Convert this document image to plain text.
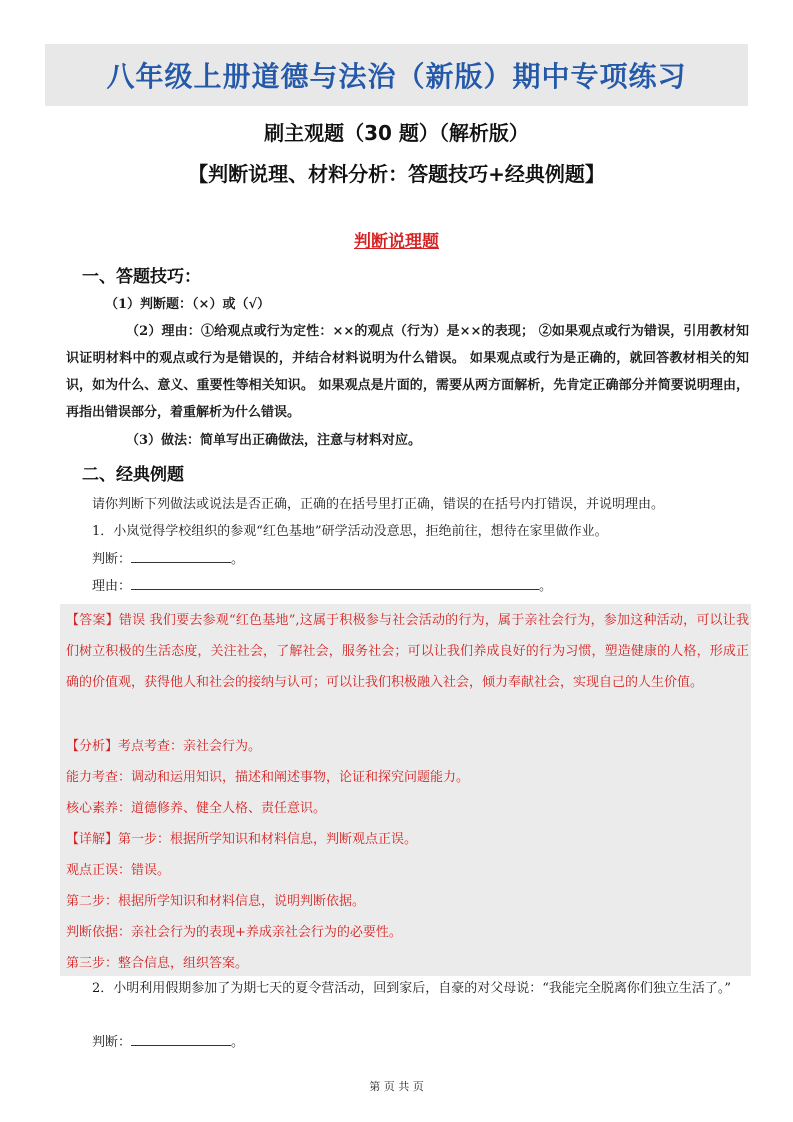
八年级上册道德与法治（新版）期中专项练习
刷主观题（30 题）（解析版）
【判断说理、材料分析：答题技巧+经典例题】
判断说理题
一、答题技巧：
（1）判断题：（×）或（√）
（2）理由：①给观点或行为定性：××的观点（行为）是××的表现； ②如果观点或行为错误，引用教材知识证明材料中的观点或行为是错误的，并结合材料说明为什么错误。 如果观点或行为是正确的，就回答教材相关的知识，如为什么、意义、重要性等相关知识。 如果观点是片面的，需要从两方面解析，先肯定正确部分并简要说明理由，再指出错误部分，着重解析为什么错误。
（3）做法：简单写出正确做法，注意与材料对应。
二、经典例题
请你判断下列做法或说法是否正确，正确的在括号里打正确，错误的在括号内打错误，并说明理由。
1．小岚觉得学校组织的参观“红色基地”研学活动没意思，拒绝前往，想待在家里做作业。
判断：	。
理由：	。
【答案】错误 我们要去参观“红色基地”,这属于积极参与社会活动的行为，属于亲社会行为，参加这种活动，可以让我们树立积极的生活态度，关注社会，了解社会，服务社会；可以让我们养成良好的行为习惯，塑造健康的人格，形成正确的价值观，获得他人和社会的接纳与认可；可以让我们积极融入社会，倾力奉献社会，实现自己的人生价值。
【分析】考点考查：亲社会行为。
能力考查：调动和运用知识，描述和阐述事物，论证和探究问题能力。
核心素养：道德修养、健全人格、责任意识。
【详解】第一步：根据所学知识和材料信息，判断观点正误。
观点正误：错误。
第二步：根据所学知识和材料信息，说明判断依据。
判断依据：亲社会行为的表现+养成亲社会行为的必要性。
第三步：整合信息，组织答案。
2．小明利用假期参加了为期七天的夏令营活动，回到家后，自豪的对父母说：“我能完全脱离你们独立生活了。”
判断：	。
第 页 共 页
